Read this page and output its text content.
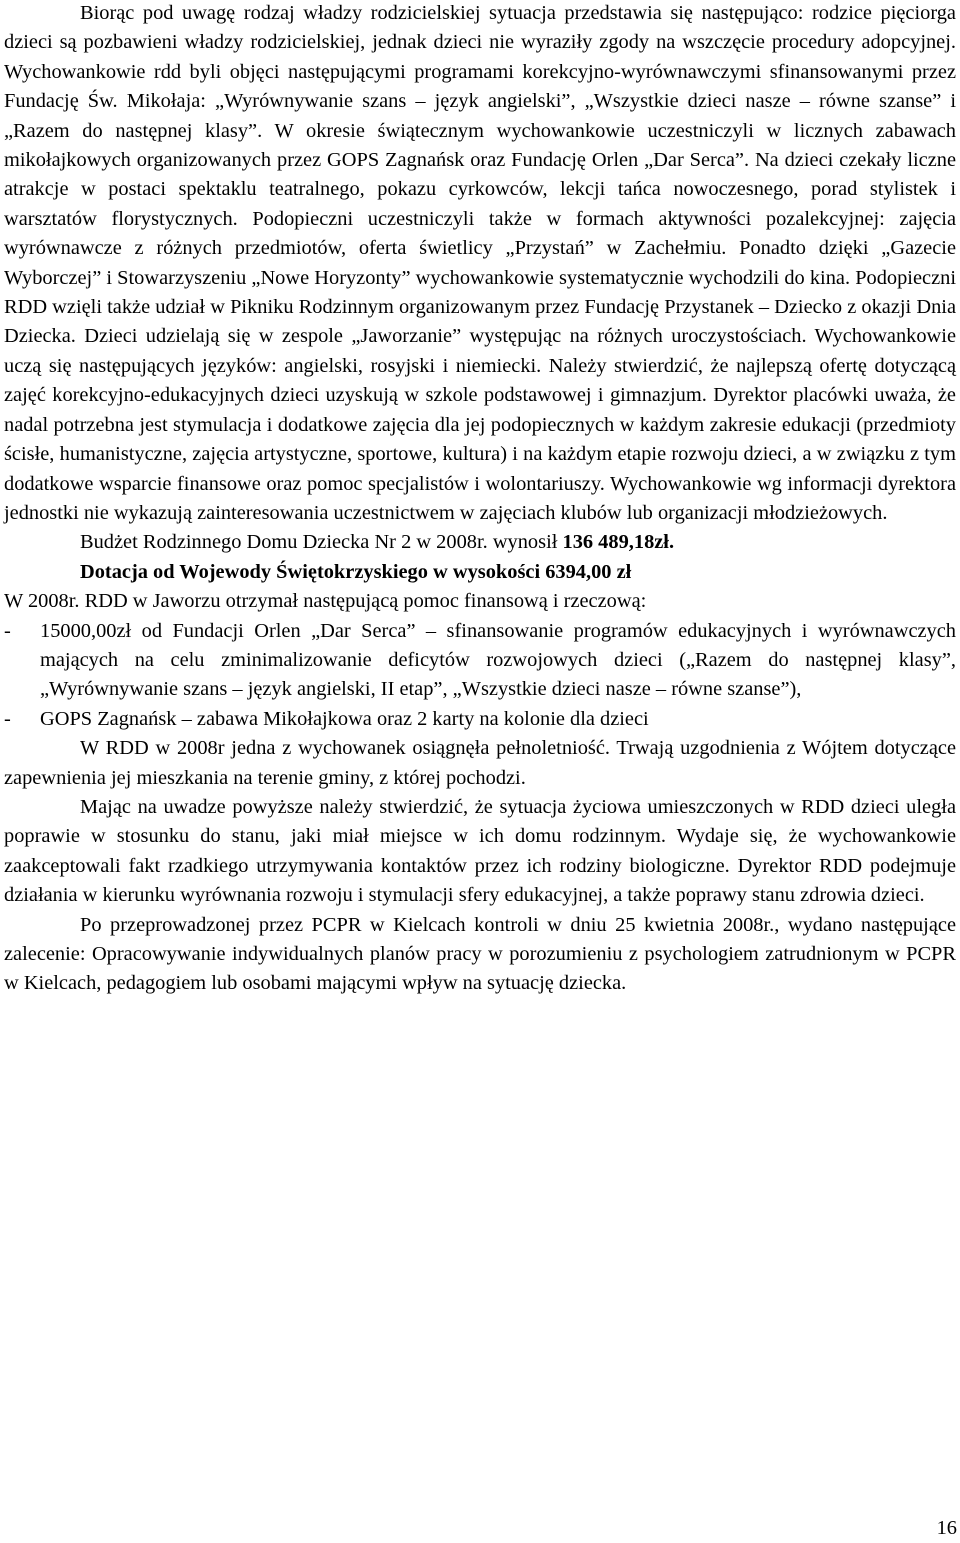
Biorąc pod uwagę rodzaj władzy rodzicielskiej sytuacja przedstawia się następująco: rodzice pięciorga dzieci są pozbawieni władzy rodzicielskiej, jednak dzieci nie wyraziły zgody na wszczęcie procedury adopcyjnej. Wychowankowie rdd byli objęci następującymi programami korekcyjno-wyrównawczymi sfinansowanymi przez Fundację Św. Mikołaja: „Wyrównywanie szans – język angielski”, „Wszystkie dzieci nasze – równe szanse” i „Razem do następnej klasy”. W okresie świątecznym wychowankowie uczestniczyli w licznych zabawach mikołajkowych organizowanych przez GOPS Zagnańsk oraz Fundację Orlen „Dar Serca”. Na dzieci czekały liczne atrakcje w postaci spektaklu teatralnego, pokazu cyrkowców, lekcji tańca nowoczesnego, porad stylistek i warsztatów florystycznych. Podopieczni uczestniczyli także w formach aktywności pozalekcyjnej: zajęcia wyrównawcze z różnych przedmiotów, oferta świetlicy „Przystań” w Zachełmiu. Ponadto dzięki „Gazecie Wyborczej” i Stowarzyszeniu „Nowe Horyzonty” wychowankowie systematycznie wychodzili do kina. Podopieczni RDD wzięli także udział w Pikniku Rodzinnym organizowanym przez Fundację Przystanek – Dziecko z okazji Dnia Dziecka. Dzieci udzielają się w zespole „Jaworzanie” występując na różnych uroczystościach. Wychowankowie uczą się następujących języków: angielski, rosyjski i niemiecki. Należy stwierdzić, że najlepszą ofertę dotyczącą zajęć korekcyjno-edukacyjnych dzieci uzyskują w szkole podstawowej i gimnazjum. Dyrektor placówki uważa, że nadal potrzebna jest stymulacja i dodatkowe zajęcia dla jej podopiecznych w każdym zakresie edukacji (przedmioty ścisłe, humanistyczne, zajęcia artystyczne, sportowe, kultura) i na każdym etapie rozwoju dzieci, a w związku z tym dodatkowe wsparcie finansowe oraz pomoc specjalistów i wolontariuszy. Wychowankowie wg informacji dyrektora jednostki nie wykazują zainteresowania uczestnictwem w zajęciach klubów lub organizacji młodzieżowych.

Budżet Rodzinnego Domu Dziecka Nr 2 w 2008r. wynosił 136 489,18zł.

Dotacja od Wojewody Świętokrzyskiego w wysokości 6394,00 zł

W 2008r. RDD w Jaworzu otrzymał następującą pomoc finansową i rzeczową:

- 15000,00zł od Fundacji Orlen „Dar Serca” – sfinansowanie programów edukacyjnych i wyrównawczych mających na celu zminimalizowanie deficytów rozwojowych dzieci („Razem do następnej klasy”, „Wyrównywanie szans – język angielski, II etap”, „Wszystkie dzieci nasze – równe szanse”),

- GOPS Zagnańsk – zabawa Mikołajkowa oraz 2 karty na kolonie dla dzieci

W RDD w 2008r jedna z wychowanek osiągnęła pełnoletniość. Trwają uzgodnienia z Wójtem dotyczące zapewnienia jej mieszkania na terenie gminy, z której pochodzi.

Mając na uwadze powyższe należy stwierdzić, że sytuacja życiowa umieszczonych w RDD dzieci uległa poprawie w stosunku do stanu, jaki miał miejsce w ich domu rodzinnym. Wydaje się, że wychowankowie zaakceptowali fakt rzadkiego utrzymywania kontaktów przez ich rodziny biologiczne. Dyrektor RDD podejmuje działania w kierunku wyrównania rozwoju i stymulacji sfery edukacyjnej, a także poprawy stanu zdrowia dzieci.

Po przeprowadzonej przez PCPR w Kielcach kontroli w dniu 25 kwietnia 2008r., wydano następujące zalecenie: Opracowywanie indywidualnych planów pracy w porozumieniu z psychologiem zatrudnionym w PCPR w Kielcach, pedagogiem lub osobami mającymi wpływ na sytuację dziecka.

16
